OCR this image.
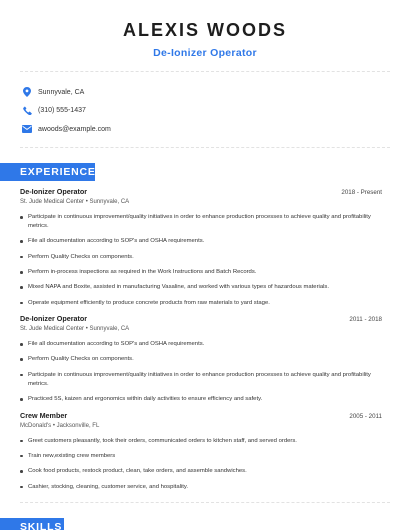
ALEXIS WOODS
De-Ionizer Operator
Sunnyvale, CA
(310) 555-1437
awoods@example.com
EXPERIENCE
De-Ionizer Operator	2018 - Present
St. Jude Medical Center • Sunnyvale, CA
Participate in continuous improvement/quality initiatives in order to enhance production processes to achieve quality and profitability metrics.
File all documentation according to SOP's and OSHA requirements.
Perform Quality Checks on components.
Perform in-process inspections as required in the Work Instructions and Batch Records.
Mixed NAPA and Boxite, assisted in manufacturing Vasaline, and worked with various types of hazardous materials.
Operate equipment efficiently to produce concrete products from raw materials to yard stage.
De-Ionizer Operator	2011 - 2018
St. Jude Medical Center • Sunnyvale, CA
File all documentation according to SOP's and OSHA requirements.
Perform Quality Checks on components.
Participate in continuous improvement/quality initiatives in order to enhance production processes to achieve quality and profitability metrics.
Practiced 5S, kaizen and ergonomics within daily activities to ensure efficiency and safety.
Crew Member	2005 - 2011
McDonald's • Jacksonville, FL
Greet customers pleasantly, took their orders, communicated orders to kitchen staff, and served orders.
Train new,existing crew members
Cook food products, restock product, clean, take orders, and assemble sandwiches.
Cashier, stocking, cleaning, customer service, and hospitality.
SKILLS
